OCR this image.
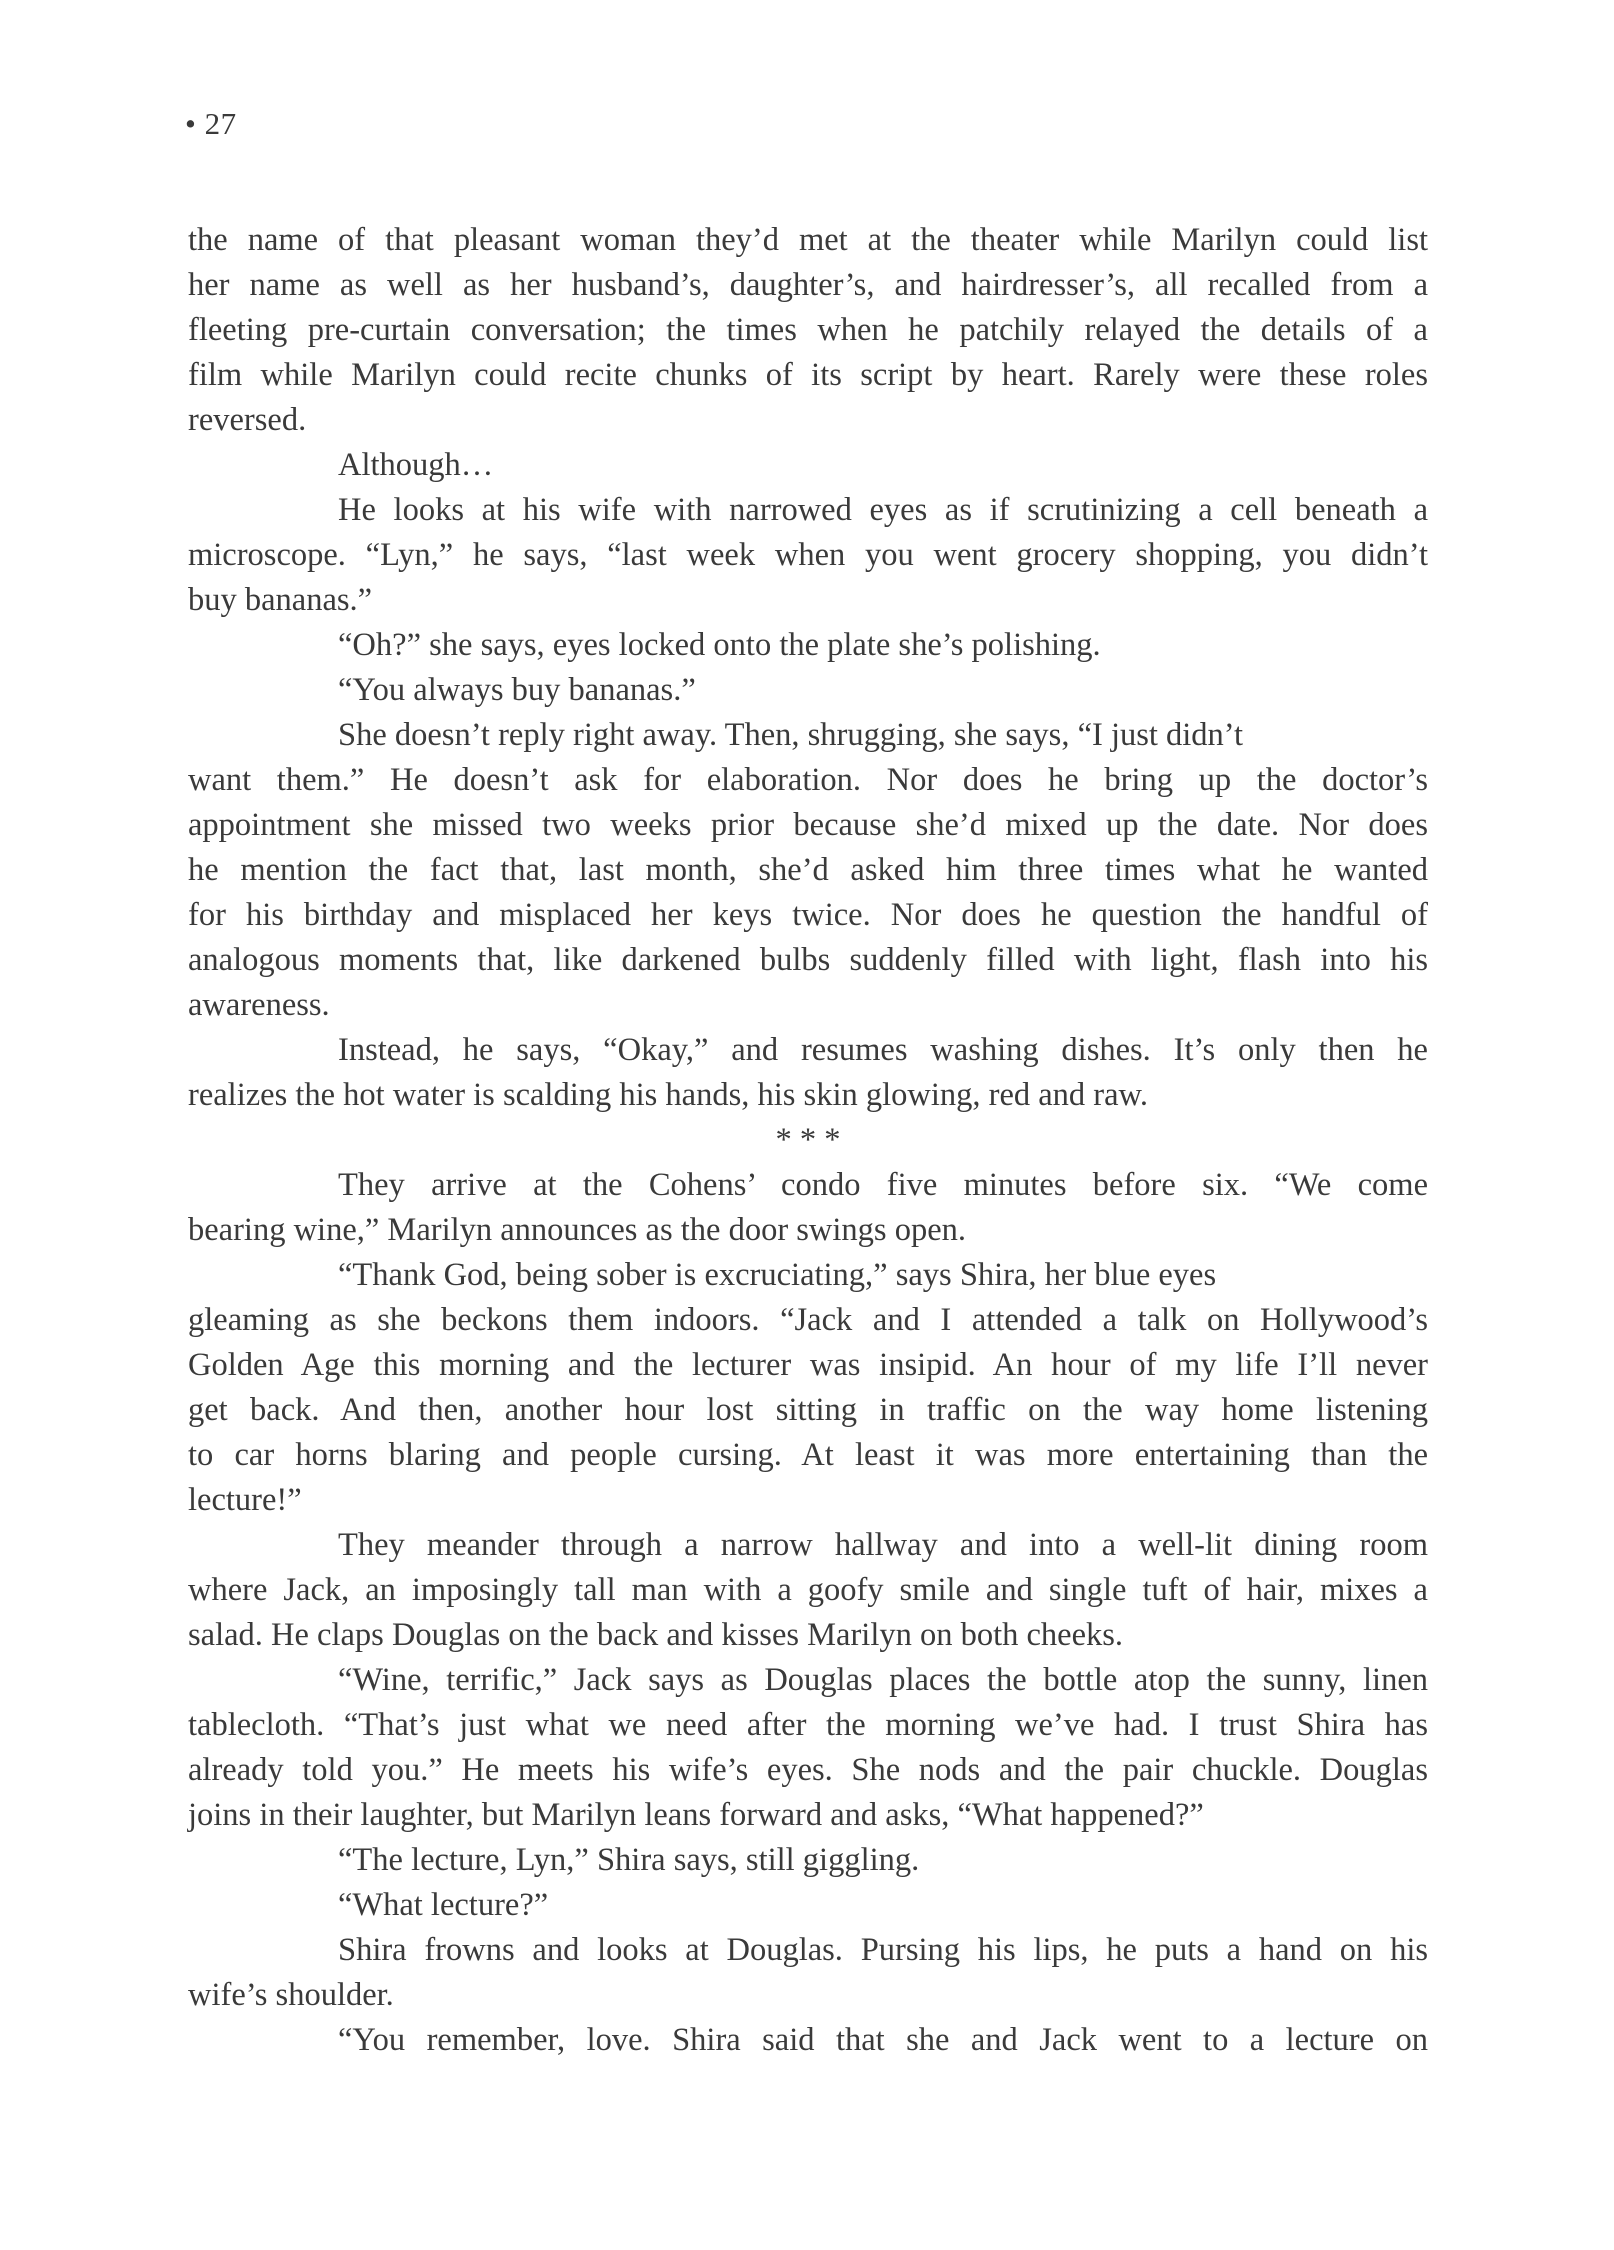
• 27
the name of that pleasant woman they’d met at the theater while Marilyn could list
her name as well as her husband’s, daughter’s, and hairdresser’s, all recalled from a
fleeting pre-curtain conversation; the times when he patchily relayed the details of a
film while Marilyn could recite chunks of its script by heart. Rarely were these roles
reversed.
Although…
He looks at his wife with narrowed eyes as if scrutinizing a cell beneath a
microscope. “Lyn,” he says, “last week when you went grocery shopping, you didn’t
buy bananas.”
“Oh?” she says, eyes locked onto the plate she’s polishing.
“You always buy bananas.”
She doesn’t reply right away. Then, shrugging, she says, “I just didn’t
want them.” He doesn’t ask for elaboration. Nor does he bring up the doctor’s
appointment she missed two weeks prior because she’d mixed up the date. Nor does
he mention the fact that, last month, she’d asked him three times what he wanted
for his birthday and misplaced her keys twice. Nor does he question the handful of
analogous moments that, like darkened bulbs suddenly filled with light, flash into his
awareness.
Instead, he says, “Okay,” and resumes washing dishes. It’s only then he
realizes the hot water is scalding his hands, his skin glowing, red and raw.
* * *
They arrive at the Cohens’ condo five minutes before six. “We come
bearing wine,” Marilyn announces as the door swings open.
“Thank God, being sober is excruciating,” says Shira, her blue eyes
gleaming as she beckons them indoors. “Jack and I attended a talk on Hollywood’s
Golden Age this morning and the lecturer was insipid. An hour of my life I’ll never
get back. And then, another hour lost sitting in traffic on the way home listening
to car horns blaring and people cursing. At least it was more entertaining than the
lecture!”
They meander through a narrow hallway and into a well-lit dining room
where Jack, an imposingly tall man with a goofy smile and single tuft of hair, mixes a
salad. He claps Douglas on the back and kisses Marilyn on both cheeks.
“Wine, terrific,” Jack says as Douglas places the bottle atop the sunny, linen
tablecloth. “That’s just what we need after the morning we’ve had. I trust Shira has
already told you.” He meets his wife’s eyes. She nods and the pair chuckle. Douglas
joins in their laughter, but Marilyn leans forward and asks, “What happened?”
“The lecture, Lyn,” Shira says, still giggling.
“What lecture?”
Shira frowns and looks at Douglas. Pursing his lips, he puts a hand on his
wife’s shoulder.
“You remember, love. Shira said that she and Jack went to a lecture on
